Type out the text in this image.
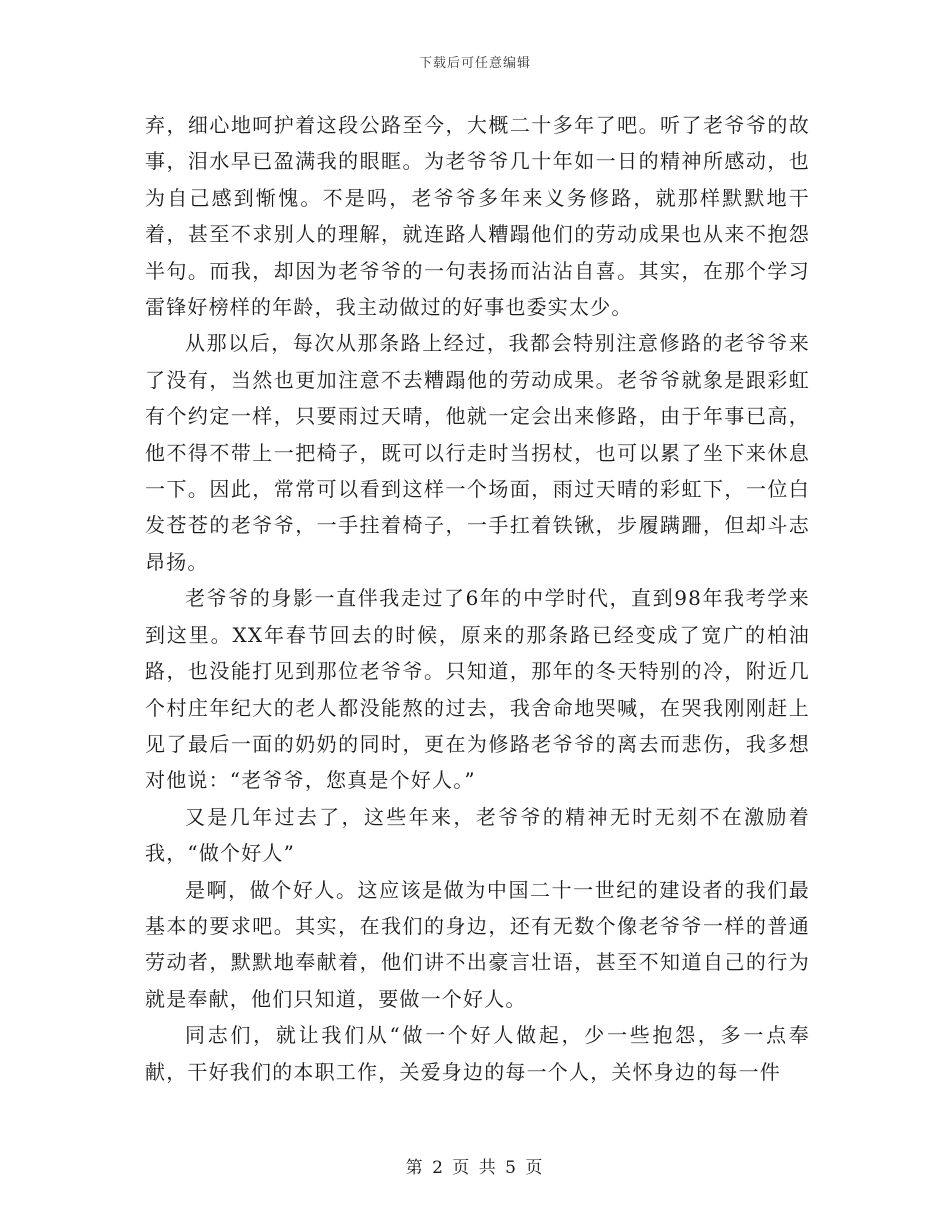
下载后可任意编辑

弃，细心地呵护着这段公路至今，大概二十多年了吧。听了老爷爷的故事，泪水早已盈满我的眼眶。为老爷爷几十年如一日的精神所感动，也为自己感到惭愧。不是吗，老爷爷多年来义务修路，就那样默默地干着，甚至不求别人的理解，就连路人糟蹋他们的劳动成果也从来不抱怨半句。而我，却因为老爷爷的一句表扬而沾沾自喜。其实，在那个学习雷锋好榜样的年龄，我主动做过的好事也委实太少。

从那以后，每次从那条路上经过，我都会特别注意修路的老爷爷来了没有，当然也更加注意不去糟蹋他的劳动成果。老爷爷就象是跟彩虹有个约定一样，只要雨过天晴，他就一定会出来修路，由于年事已高，他不得不带上一把椅子，既可以行走时当拐杖，也可以累了坐下来休息一下。因此，常常可以看到这样一个场面，雨过天晴的彩虹下，一位白发苍苍的老爷爷，一手拄着椅子，一手扛着铁锹，步履蹒跚，但却斗志昂扬。

老爷爷的身影一直伴我走过了6年的中学时代，直到98年我考学来到这里。XX年春节回去的时候，原来的那条路已经变成了宽广的柏油路，也没能打见到那位老爷爷。只知道，那年的冬天特别的冷，附近几个村庄年纪大的老人都没能熬的过去，我舍命地哭喊，在哭我刚刚赶上见了最后一面的奶奶的同时，更在为修路老爷爷的离去而悲伤，我多想对他说：“老爷爷，您真是个好人。”

又是几年过去了，这些年来，老爷爷的精神无时无刻不在激励着我，“做个好人”

是啊，做个好人。这应该是做为中国二十一世纪的建设者的我们最基本的要求吧。其实，在我们的身边，还有无数个像老爷爷一样的普通劳动者，默默地奉献着，他们讲不出豪言壮语，甚至不知道自己的行为就是奉献，他们只知道，要做一个好人。

同志们，就让我们从“做一个好人做起，少一些抱怨，多一点奉献，干好我们的本职工作，关爱身边的每一个人，关怀身边的每一件

第 2 页 共 5 页
